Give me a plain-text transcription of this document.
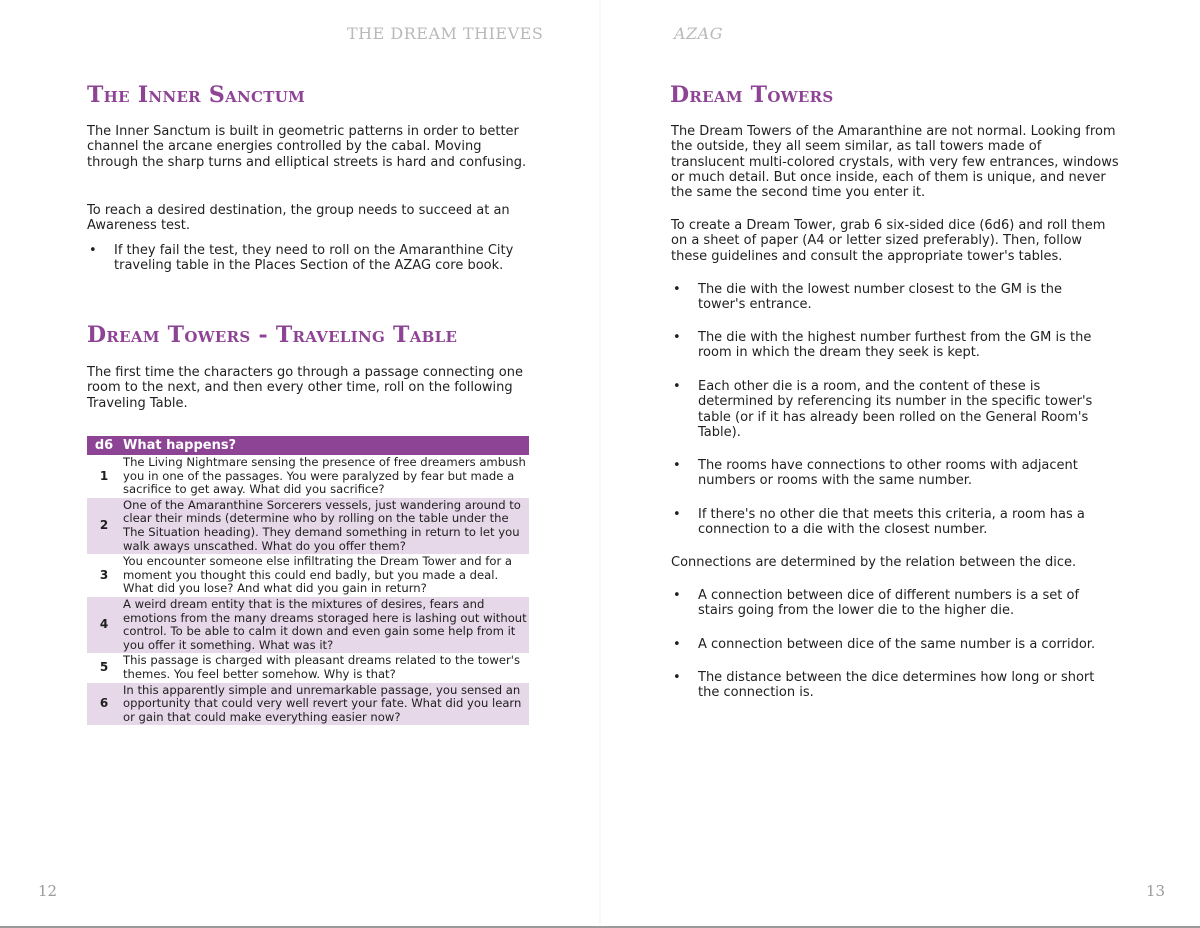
THE DREAM THIEVES
The Inner Sanctum

The Inner Sanctum is built in geometric patterns in order to better channel the arcane energies controlled by the cabal. Moving through the sharp turns and elliptical streets is hard and confusing.

To reach a desired destination, the group needs to succeed at an Awareness test.

• If they fail the test, they need to roll on the Amaranthine City traveling table in the Places Section of the AZAG core book.
Dream Towers - Traveling Table

The first time the characters go through a passage connecting one room to the next, and then every other time, roll on the following Traveling Table.

d6 What happens?
1
The Living Nightmare sensing the presence of free dreamers ambush you in one of the passages. You were paralyzed by fear but made a sacrifice to get away. What did you sacrifice?
2
One of the Amaranthine Sorcerers vessels, just wandering around to clear their minds (determine who by rolling on the table under the The Situation heading). They demand something in return to let you walk aways unscathed. What do you offer them?
3
You encounter someone else infiltrating the Dream Tower and for a moment you thought this could end badly, but you made a deal. What did you lose? And what did you gain in return?
4
A weird dream entity that is the mixtures of desires, fears and emotions from the many dreams storaged here is lashing out without control. To be able to calm it down and even gain some help from it you offer it something. What was it?
5	This passage is charged with pleasant dreams related to the tower's themes. You feel better somehow. Why is that?
6
In this apparently simple and unremarkable passage, you sensed an opportunity that could very well revert your fate. What did you learn or gain that could make everything easier now?
12
AZAG
Dream Towers

The Dream Towers of the Amaranthine are not normal. Looking from the outside, they all seem similar, as tall towers made of translucent multi-colored crystals, with very few entrances, windows or much detail. But once inside, each of them is unique, and never the same the second time you enter it.

To create a Dream Tower, grab 6 six-sided dice (6d6) and roll them on a sheet of paper (A4 or letter sized preferably). Then, follow these guidelines and consult the appropriate tower's tables.

• The die with the lowest number closest to the GM is the tower's entrance.
• The die with the highest number furthest from the GM is the room in which the dream they seek is kept.
• Each other die is a room, and the content of these is determined by referencing its number in the specific tower's table (or if it has already been rolled on the General Room's Table).
• The rooms have connections to other rooms with adjacent numbers or rooms with the same number.
• If there's no other die that meets this criteria, a room has a connection to a die with the closest number.

Connections are determined by the relation between the dice.

• A connection between dice of different numbers is a set of stairs going from the lower die to the higher die.
• A connection between dice of the same number is a corridor.
• The distance between the dice determines how long or short the connection is.
13
